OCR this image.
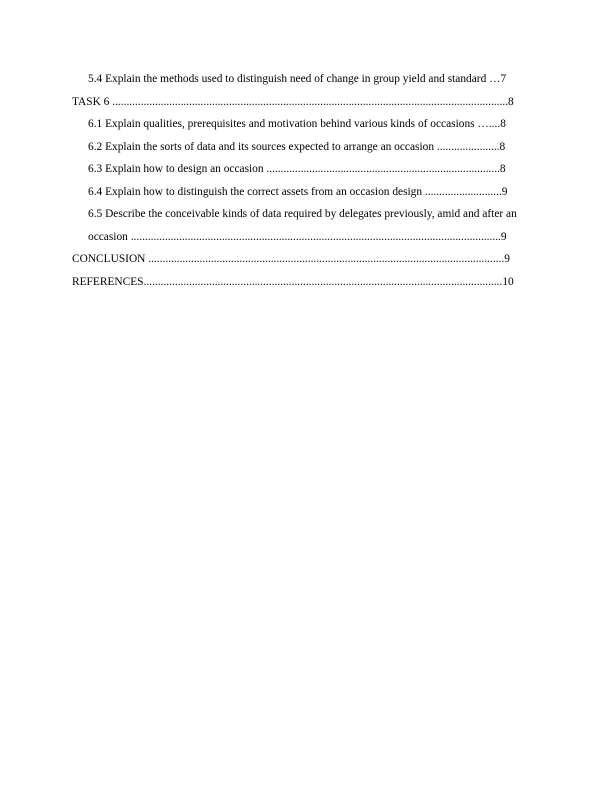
5.4 Explain the methods used to distinguish need of change in group yield and standard …7
TASK 6 ...........................................................................................................................................8
6.1 Explain qualities, prerequisites and motivation behind various kinds of occasions …....8
6.2 Explain the sorts of data and its sources expected to arrange an occasion ......................8
6.3 Explain how to design an occasion ..................................................................................8
6.4 Explain how to distinguish the correct assets from an occasion design ...........................9
6.5 Describe the conceivable kinds of data required by delegates previously, amid and after an
occasion ..................................................................................................................................9
CONCLUSION .............................................................................................................................9
REFERENCES..............................................................................................................................10
